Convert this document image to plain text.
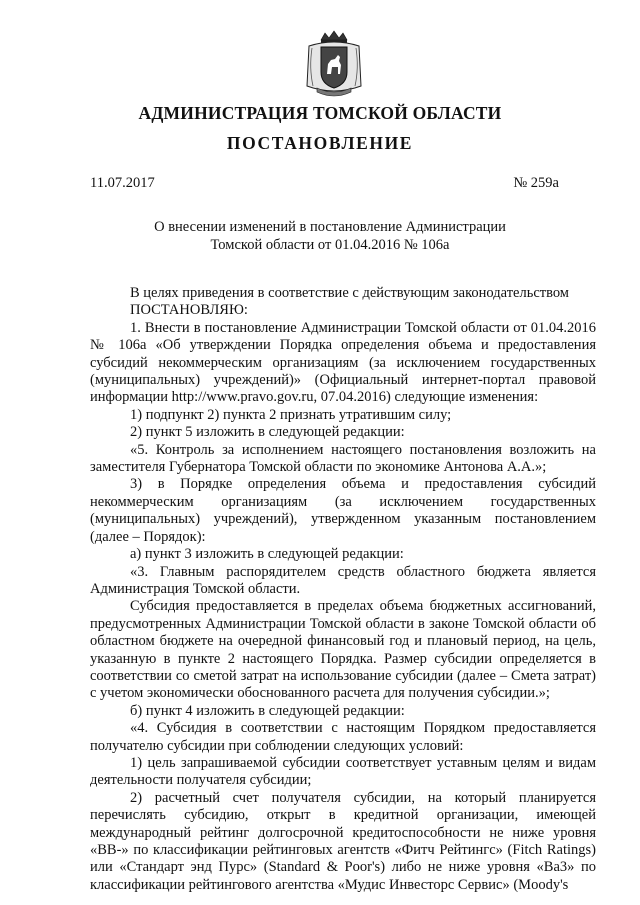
АДМИНИСТРАЦИЯ ТОМСКОЙ ОБЛАСТИ
ПОСТАНОВЛЕНИЕ
11.07.2017	№ 259а
О внесении изменений в постановление Администрации
Томской области от 01.04.2016 № 106а

В целях приведения в соответствие с действующим законодательством

ПОСТАНОВЛЯЮ:

1. Внести в постановление Администрации Томской области от 01.04.2016 № 106а «Об утверждении Порядка определения объема и предоставления субсидий некоммерческим организациям (за исключением государственных (муниципальных) учреждений)» (Официальный интернет-портал правовой информации http://www.pravo.gov.ru, 07.04.2016) следующие изменения:

1) подпункт 2) пункта 2 признать утратившим силу;

2) пункт 5 изложить в следующей редакции:

«5. Контроль за исполнением настоящего постановления возложить на заместителя Губернатора Томской области по экономике Антонова А.А.»;

3) в Порядке определения объема и предоставления субсидий некоммерческим организациям (за исключением государственных (муниципальных) учреждений), утвержденном указанным постановлением (далее – Порядок):

а) пункт 3 изложить в следующей редакции:

«3. Главным распорядителем средств областного бюджета является Администрация Томской области.

Субсидия предоставляется в пределах объема бюджетных ассигнований, предусмотренных Администрации Томской области в законе Томской области об областном бюджете на очередной финансовый год и плановый период, на цель, указанную в пункте 2 настоящего Порядка. Размер субсидии определяется в соответствии со сметой затрат на использование субсидии (далее – Смета затрат) с учетом экономически обоснованного расчета для получения субсидии.»;

б) пункт 4 изложить в следующей редакции:

«4. Субсидия в соответствии с настоящим Порядком предоставляется получателю субсидии при соблюдении следующих условий:

1) цель запрашиваемой субсидии соответствует уставным целям и видам деятельности получателя субсидии;

2) расчетный счет получателя субсидии, на который планируется перечислять субсидию, открыт в кредитной организации, имеющей международный рейтинг долгосрочной кредитоспособности не ниже уровня «ВВ-» по классификации рейтинговых агентств «Фитч Рейтингс» (Fitch Ratings) или «Стандарт энд Пурс» (Standard & Poor's) либо не ниже уровня «Ba3» по классификации рейтингового агентства «Мудис Инвесторс Сервис» (Moody's
